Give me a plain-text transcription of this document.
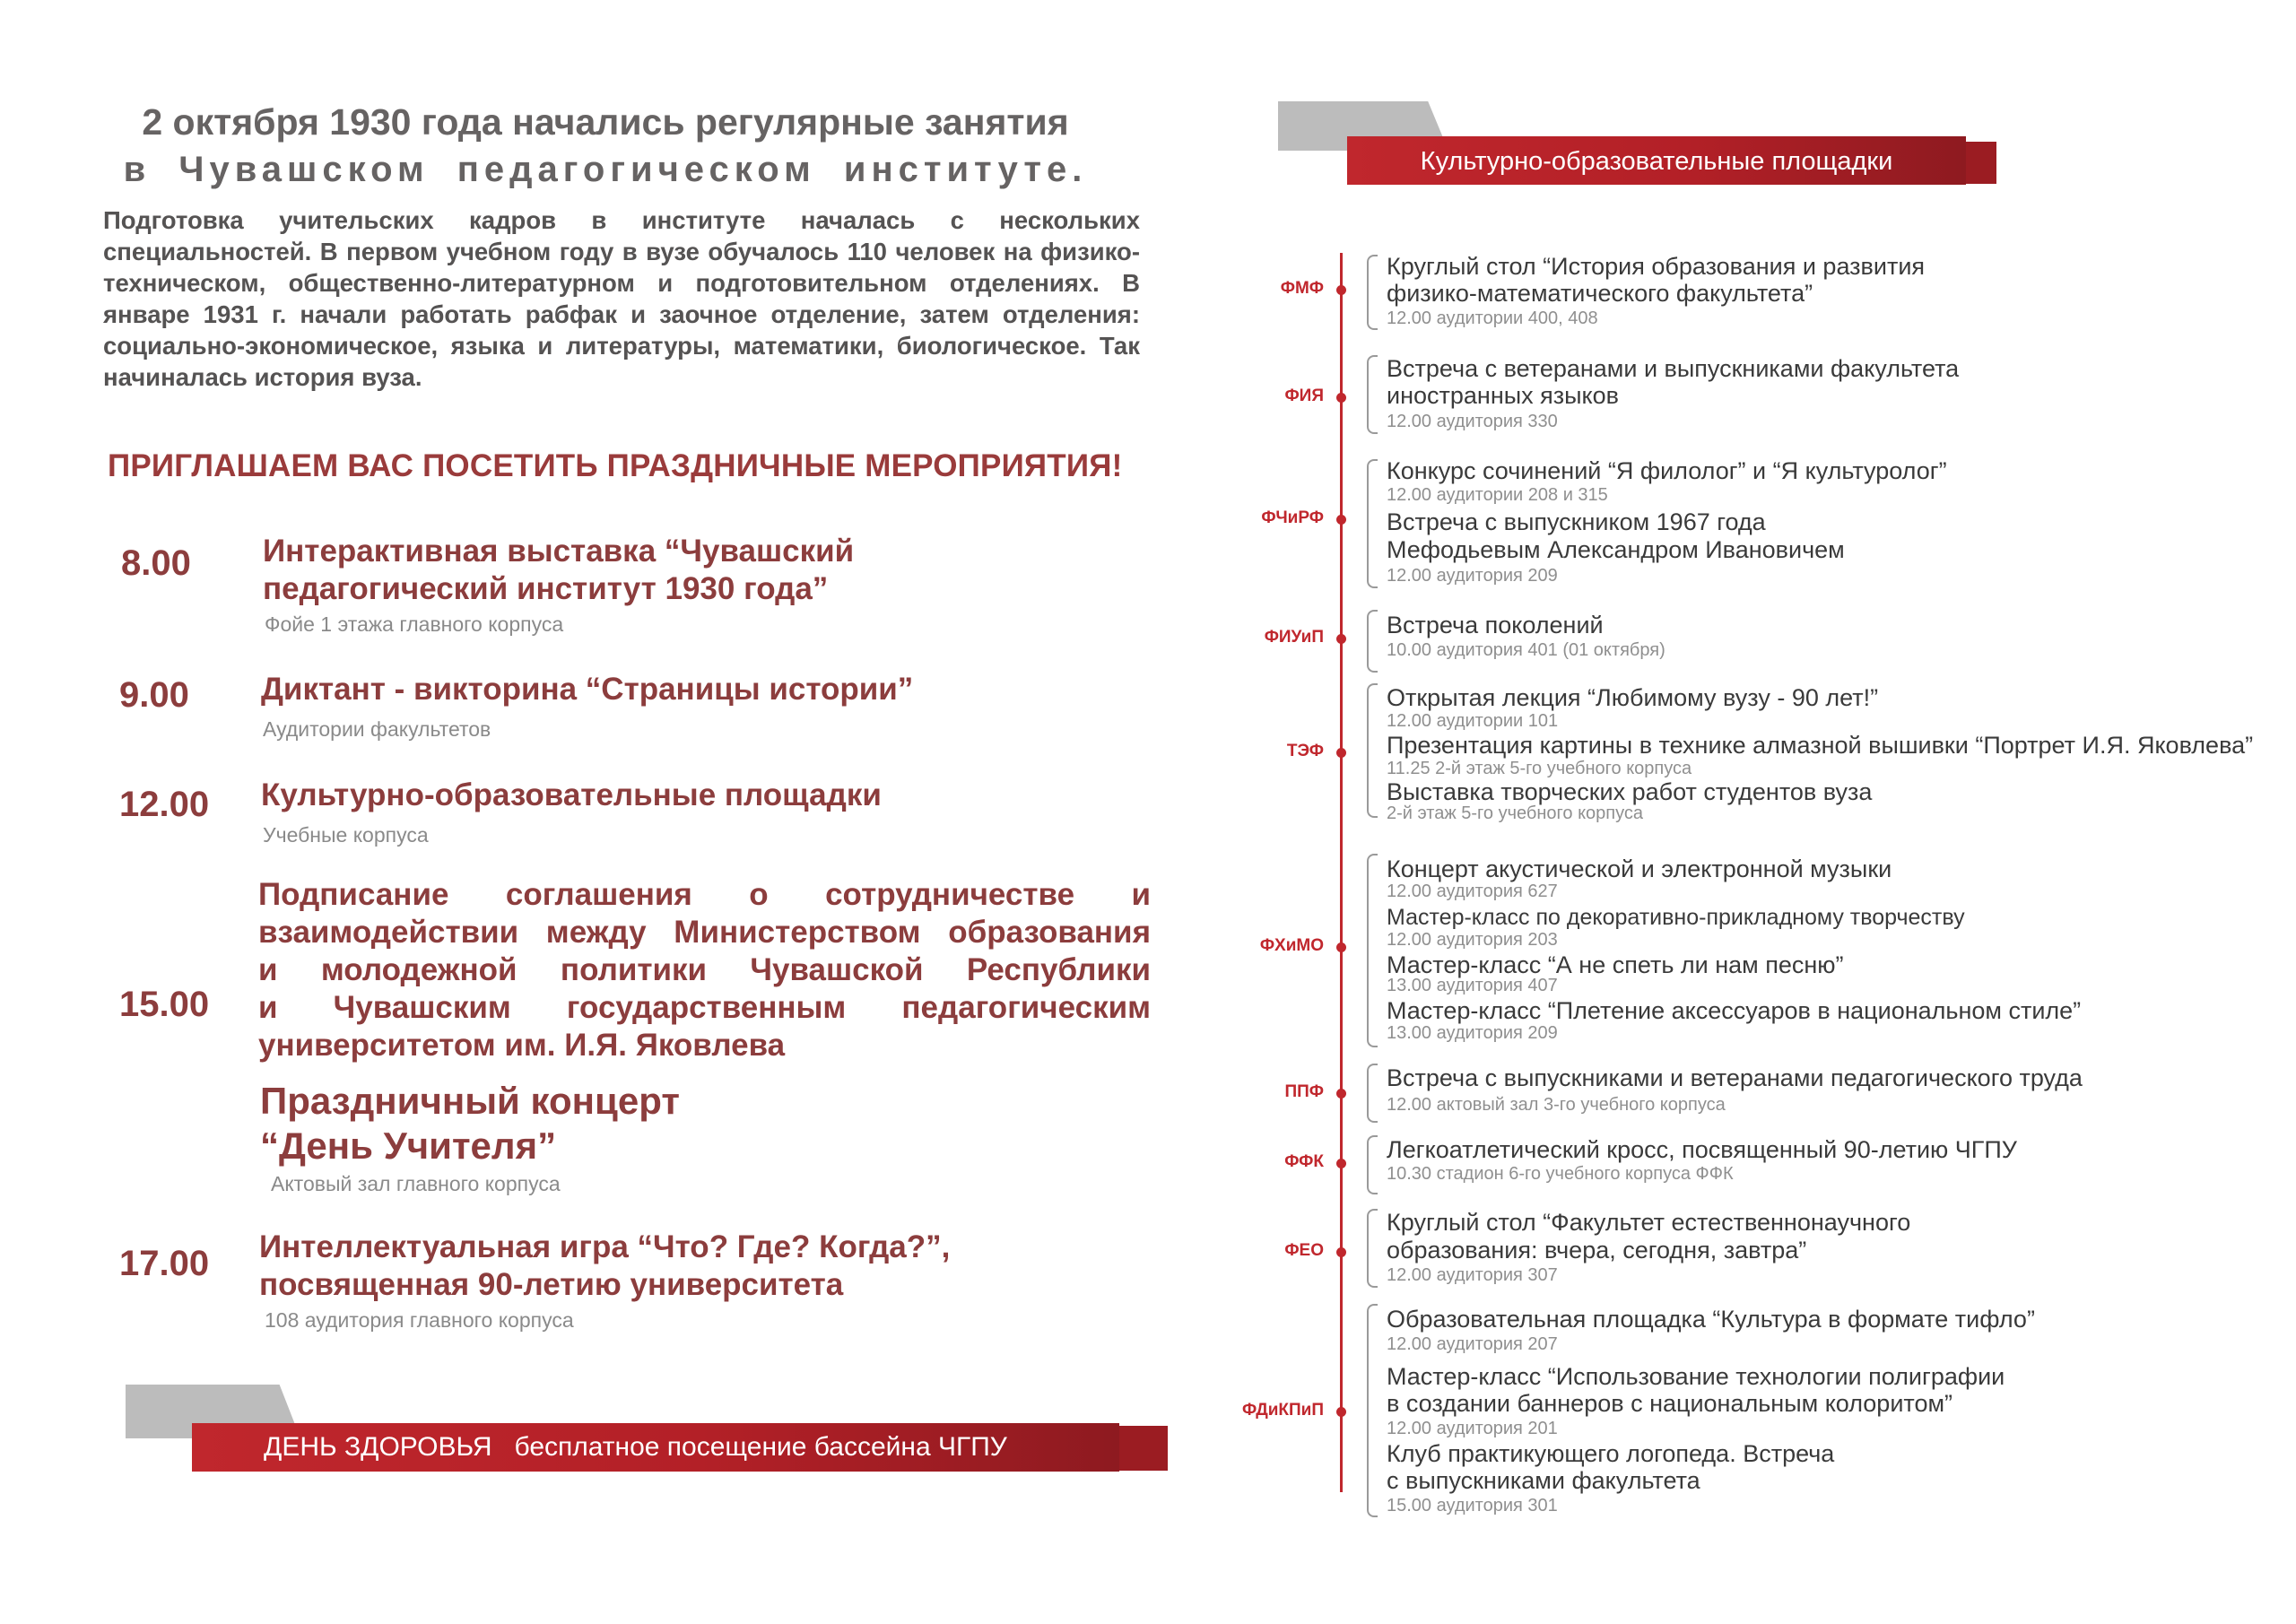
2 октября 1930 года начались регулярные занятия
в Чувашском педагогическом институте.
Подготовка учительских кадров в институте началась с нескольких специальностей. В первом учебном году в вузе обучалось 110 человек на физико-техническом, общественно-литературном и подготовительном отделениях. В январе 1931 г. начали работать рабфак и заочное отделение, затем отделения: социально-экономическое, языка и литературы, математики, биологическое. Так начиналась история вуза.
ПРИГЛАШАЕМ ВАС ПОСЕТИТЬ ПРАЗДНИЧНЫЕ МЕРОПРИЯТИЯ!
8.00 Интерактивная выставка “Чувашский
педагогический институт 1930 года”
Фойе 1 этажа главного корпуса
9.00 Диктант - викторина “Страницы истории”
Аудитории факультетов
12.00 Культурно-образовательные площадки
Учебные корпуса
15.00
Подписание соглашения о сотрудничестве и
взаимодействии между Министерством образования
и молодежной политики Чувашской Республики
и Чувашским государственным педагогическим
университетом им. И.Я. Яковлева
Праздничный концерт
“День Учителя”
Актовый зал главного корпуса
17.00 Интеллектуальная игра “Что? Где? Когда?”,
посвященная 90-летию университета
108 аудитория главного корпуса
ДЕНЬ ЗДОРОВЬЯ   бесплатное посещение бассейна ЧГПУ
Культурно-образовательные площадки
ФМФ
ФИЯ
ФЧиРФ
ФИУиП
ТЭФ
ФХиМО
ППФ
ФФК
ФЕО
ФДиКПиП
Круглый стол “История образования и развития
физико-математического факультета”
12.00 аудитории 400, 408
Встреча с ветеранами и выпускниками факультета
иностранных языков
12.00 аудитория 330
Конкурс сочинений “Я филолог” и “Я культуролог”
12.00 аудитории 208 и 315
Встреча с выпускником 1967 года
Мефодьевым Александром Ивановичем
12.00 аудитория 209
Встреча поколений
10.00 аудитория 401 (01 октября)
Открытая лекция “Любимому вузу - 90 лет!”
12.00 аудитории 101
Презентация картины в технике алмазной вышивки “Портрет И.Я. Яковлева”
11.25 2-й этаж 5-го учебного корпуса
Выставка творческих работ студентов вуза
2-й этаж 5-го учебного корпуса
Концерт акустической и электронной музыки
12.00 аудитория 627
Мастер-класс по декоративно-прикладному творчеству
12.00 аудитория 203
Мастер-класс “А не спеть ли нам песню”
13.00 аудитория 407
Мастер-класс “Плетение аксессуаров в национальном стиле”
13.00 аудитория 209
Встреча с выпускниками и ветеранами педагогического труда
12.00 актовый зал 3-го учебного корпуса
Легкоатлетический кросс, посвященный 90-летию ЧГПУ
10.30 стадион 6-го учебного корпуса ФФК
Круглый стол “Факультет естественнонаучного
образования: вчера, сегодня, завтра”
12.00 аудитория 307
Образовательная площадка “Культура в формате тифло”
12.00 аудитория 207
Мастер-класс “Использование технологии полиграфии
в создании баннеров с национальным колоритом”
12.00 аудитория 201
Клуб практикующего логопеда. Встреча
с выпускниками факультета
15.00 аудитория 301
